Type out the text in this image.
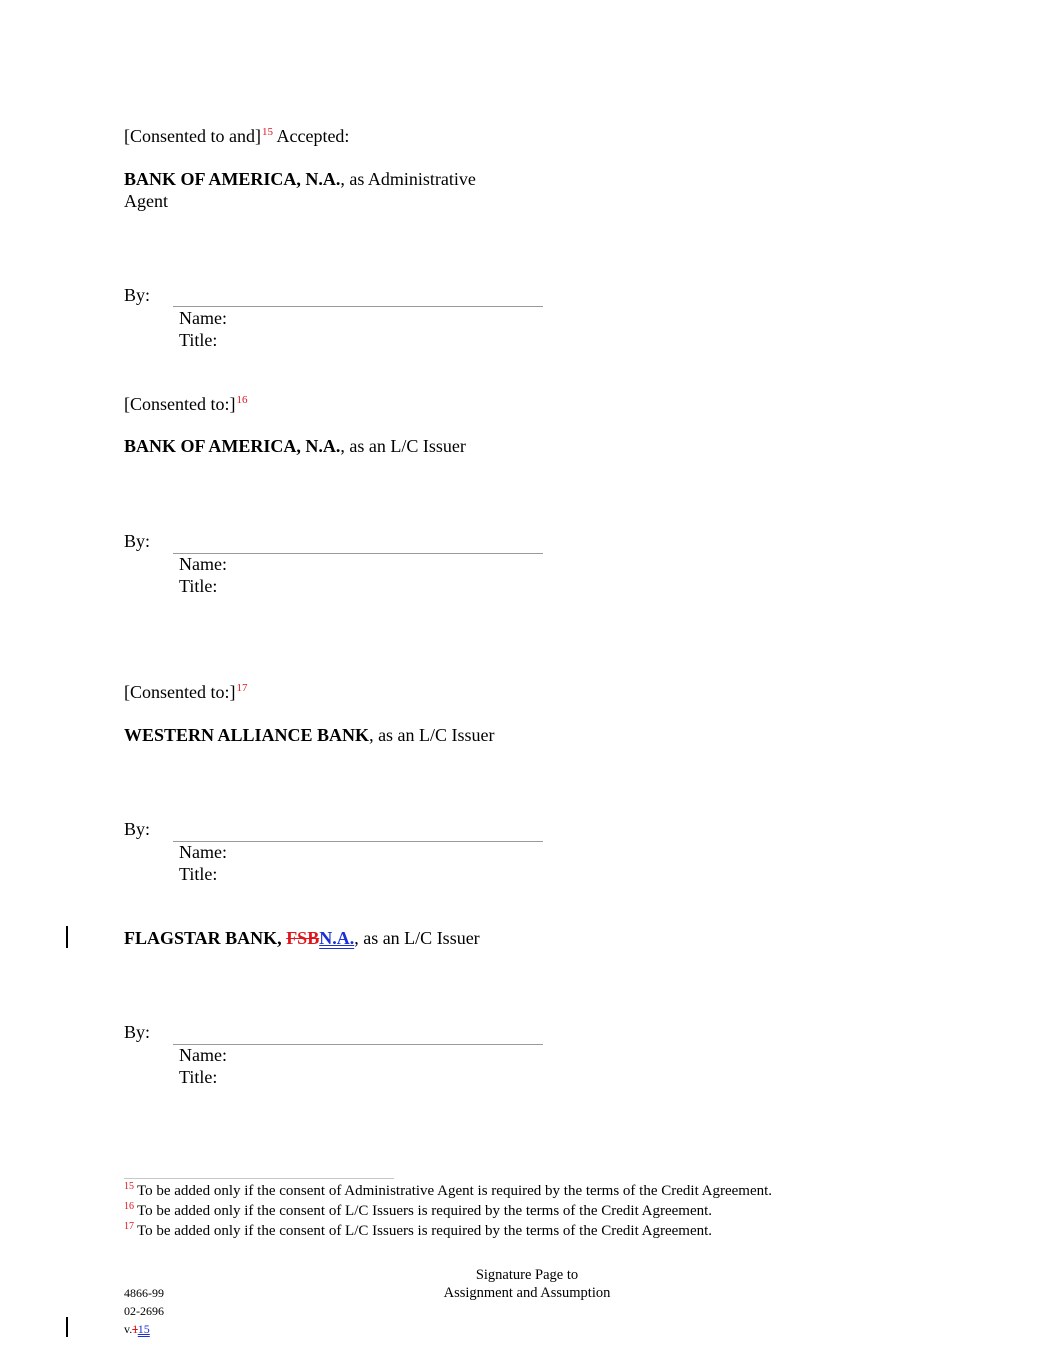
[Consented to and]$^{15}$ Accepted:
BANK OF AMERICA, N.A., as Administrative
Agent
By:
Name:
Title:
[Consented to:]$^{16}$
BANK OF AMERICA, N.A., as an L/C Issuer
By:
Name:
Title:
[Consented to:]$^{17}$
WESTERN ALLIANCE BANK, as an L/C Issuer
By:
Name:
Title:
FLAGSTAR BANK, FSBN.A., as an L/C Issuer
By:
Name:
Title:
$^{15}$ To be added only if the consent of Administrative Agent is required by the terms of the Credit Agreement.
$^{16}$ To be added only if the consent of L/C Issuers is required by the terms of the Credit Agreement.
$^{17}$ To be added only if the consent of L/C Issuers is required by the terms of the Credit Agreement.
Signature Page to
Assignment and Assumption
4866-99
02-2696
v.115
